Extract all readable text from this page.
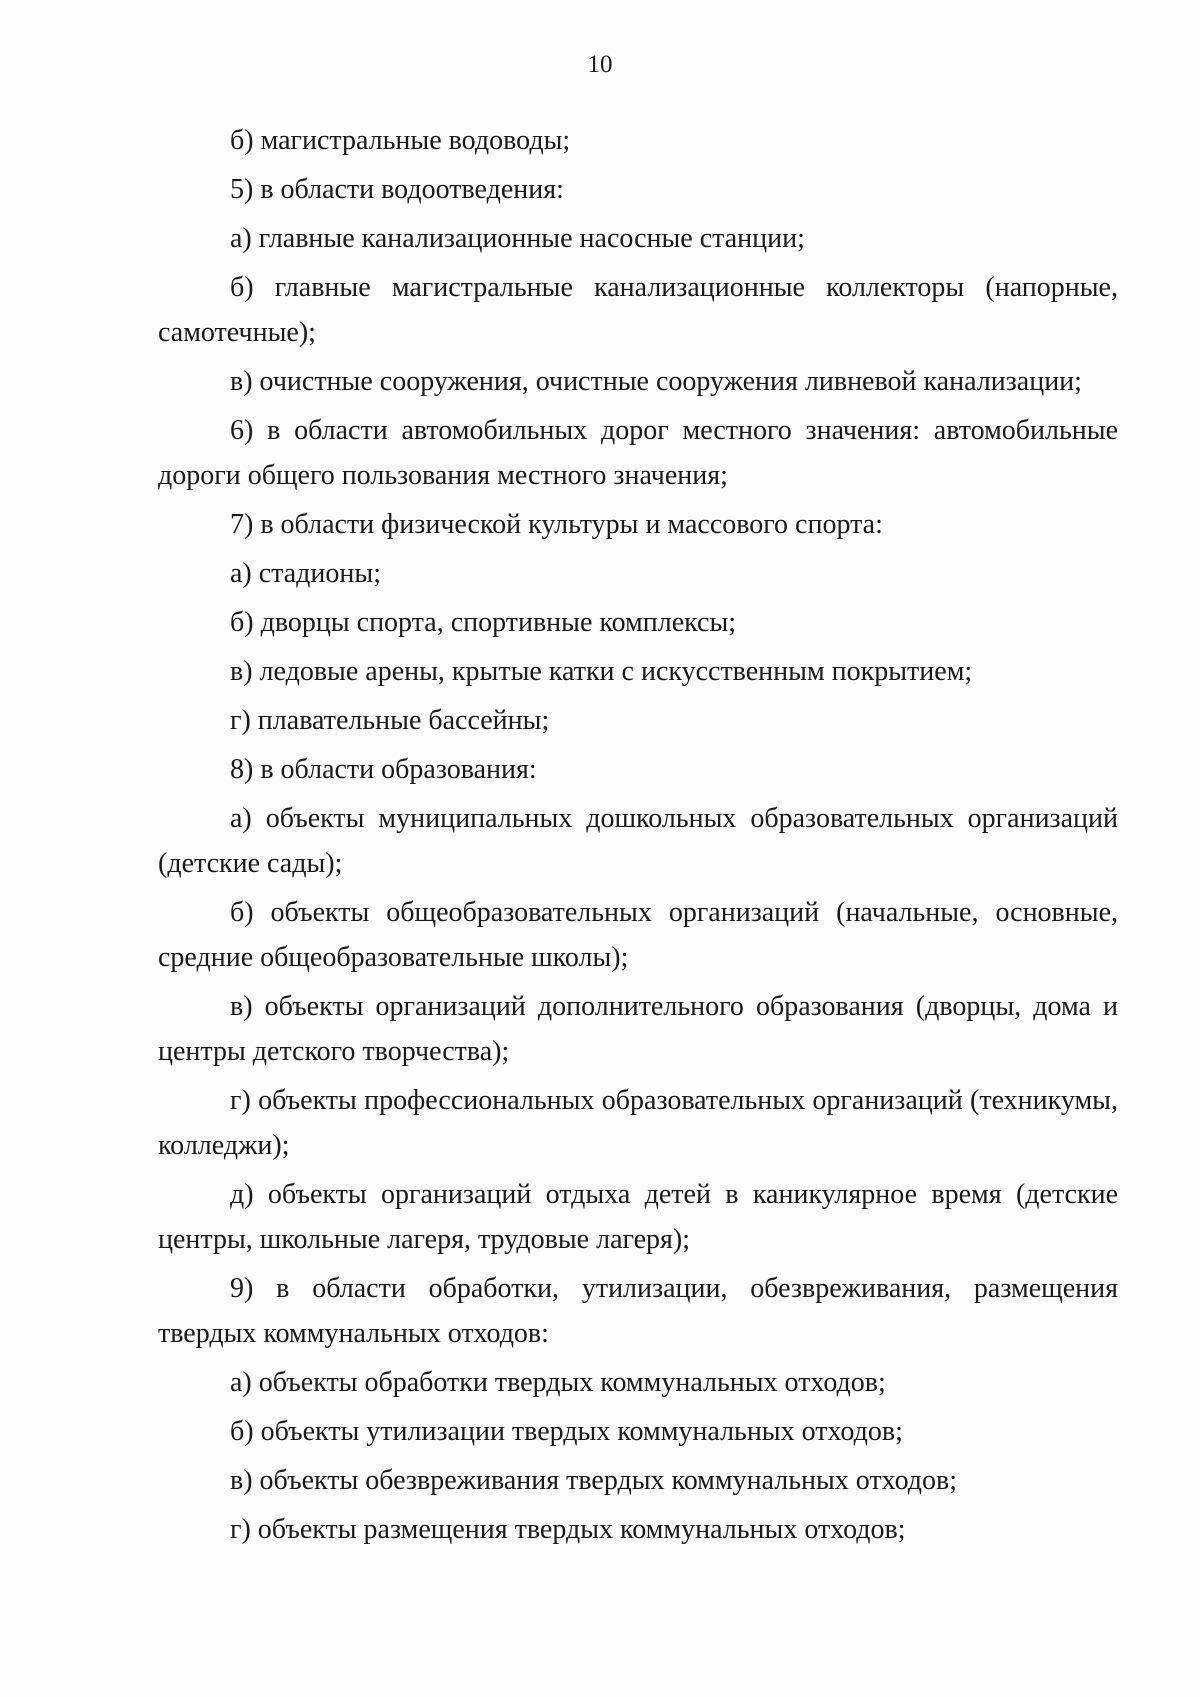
10

б) магистральные водоводы;

5) в области водоотведения:

а) главные канализационные насосные станции;

б) главные магистральные канализационные коллекторы (напорные, самотечные);

в) очистные сооружения, очистные сооружения ливневой канализации;

6) в области автомобильных дорог местного значения: автомобильные дороги общего пользования местного значения;

7) в области физической культуры и массового спорта:

а) стадионы;

б) дворцы спорта, спортивные комплексы;

в) ледовые арены, крытые катки с искусственным покрытием;

г) плавательные бассейны;

8) в области образования:

а) объекты муниципальных дошкольных образовательных организаций (детские сады);

б) объекты общеобразовательных организаций (начальные, основные, средние общеобразовательные школы);

в) объекты организаций дополнительного образования (дворцы, дома и центры детского творчества);

г) объекты профессиональных образовательных организаций (техникумы, колледжи);

д) объекты организаций отдыха детей в каникулярное время (детские центры, школьные лагеря, трудовые лагеря);

9) в области обработки, утилизации, обезвреживания, размещения твердых коммунальных отходов:

а) объекты обработки твердых коммунальных отходов;

б) объекты утилизации твердых коммунальных отходов;

в) объекты обезвреживания твердых коммунальных отходов;

г) объекты размещения твердых коммунальных отходов;
